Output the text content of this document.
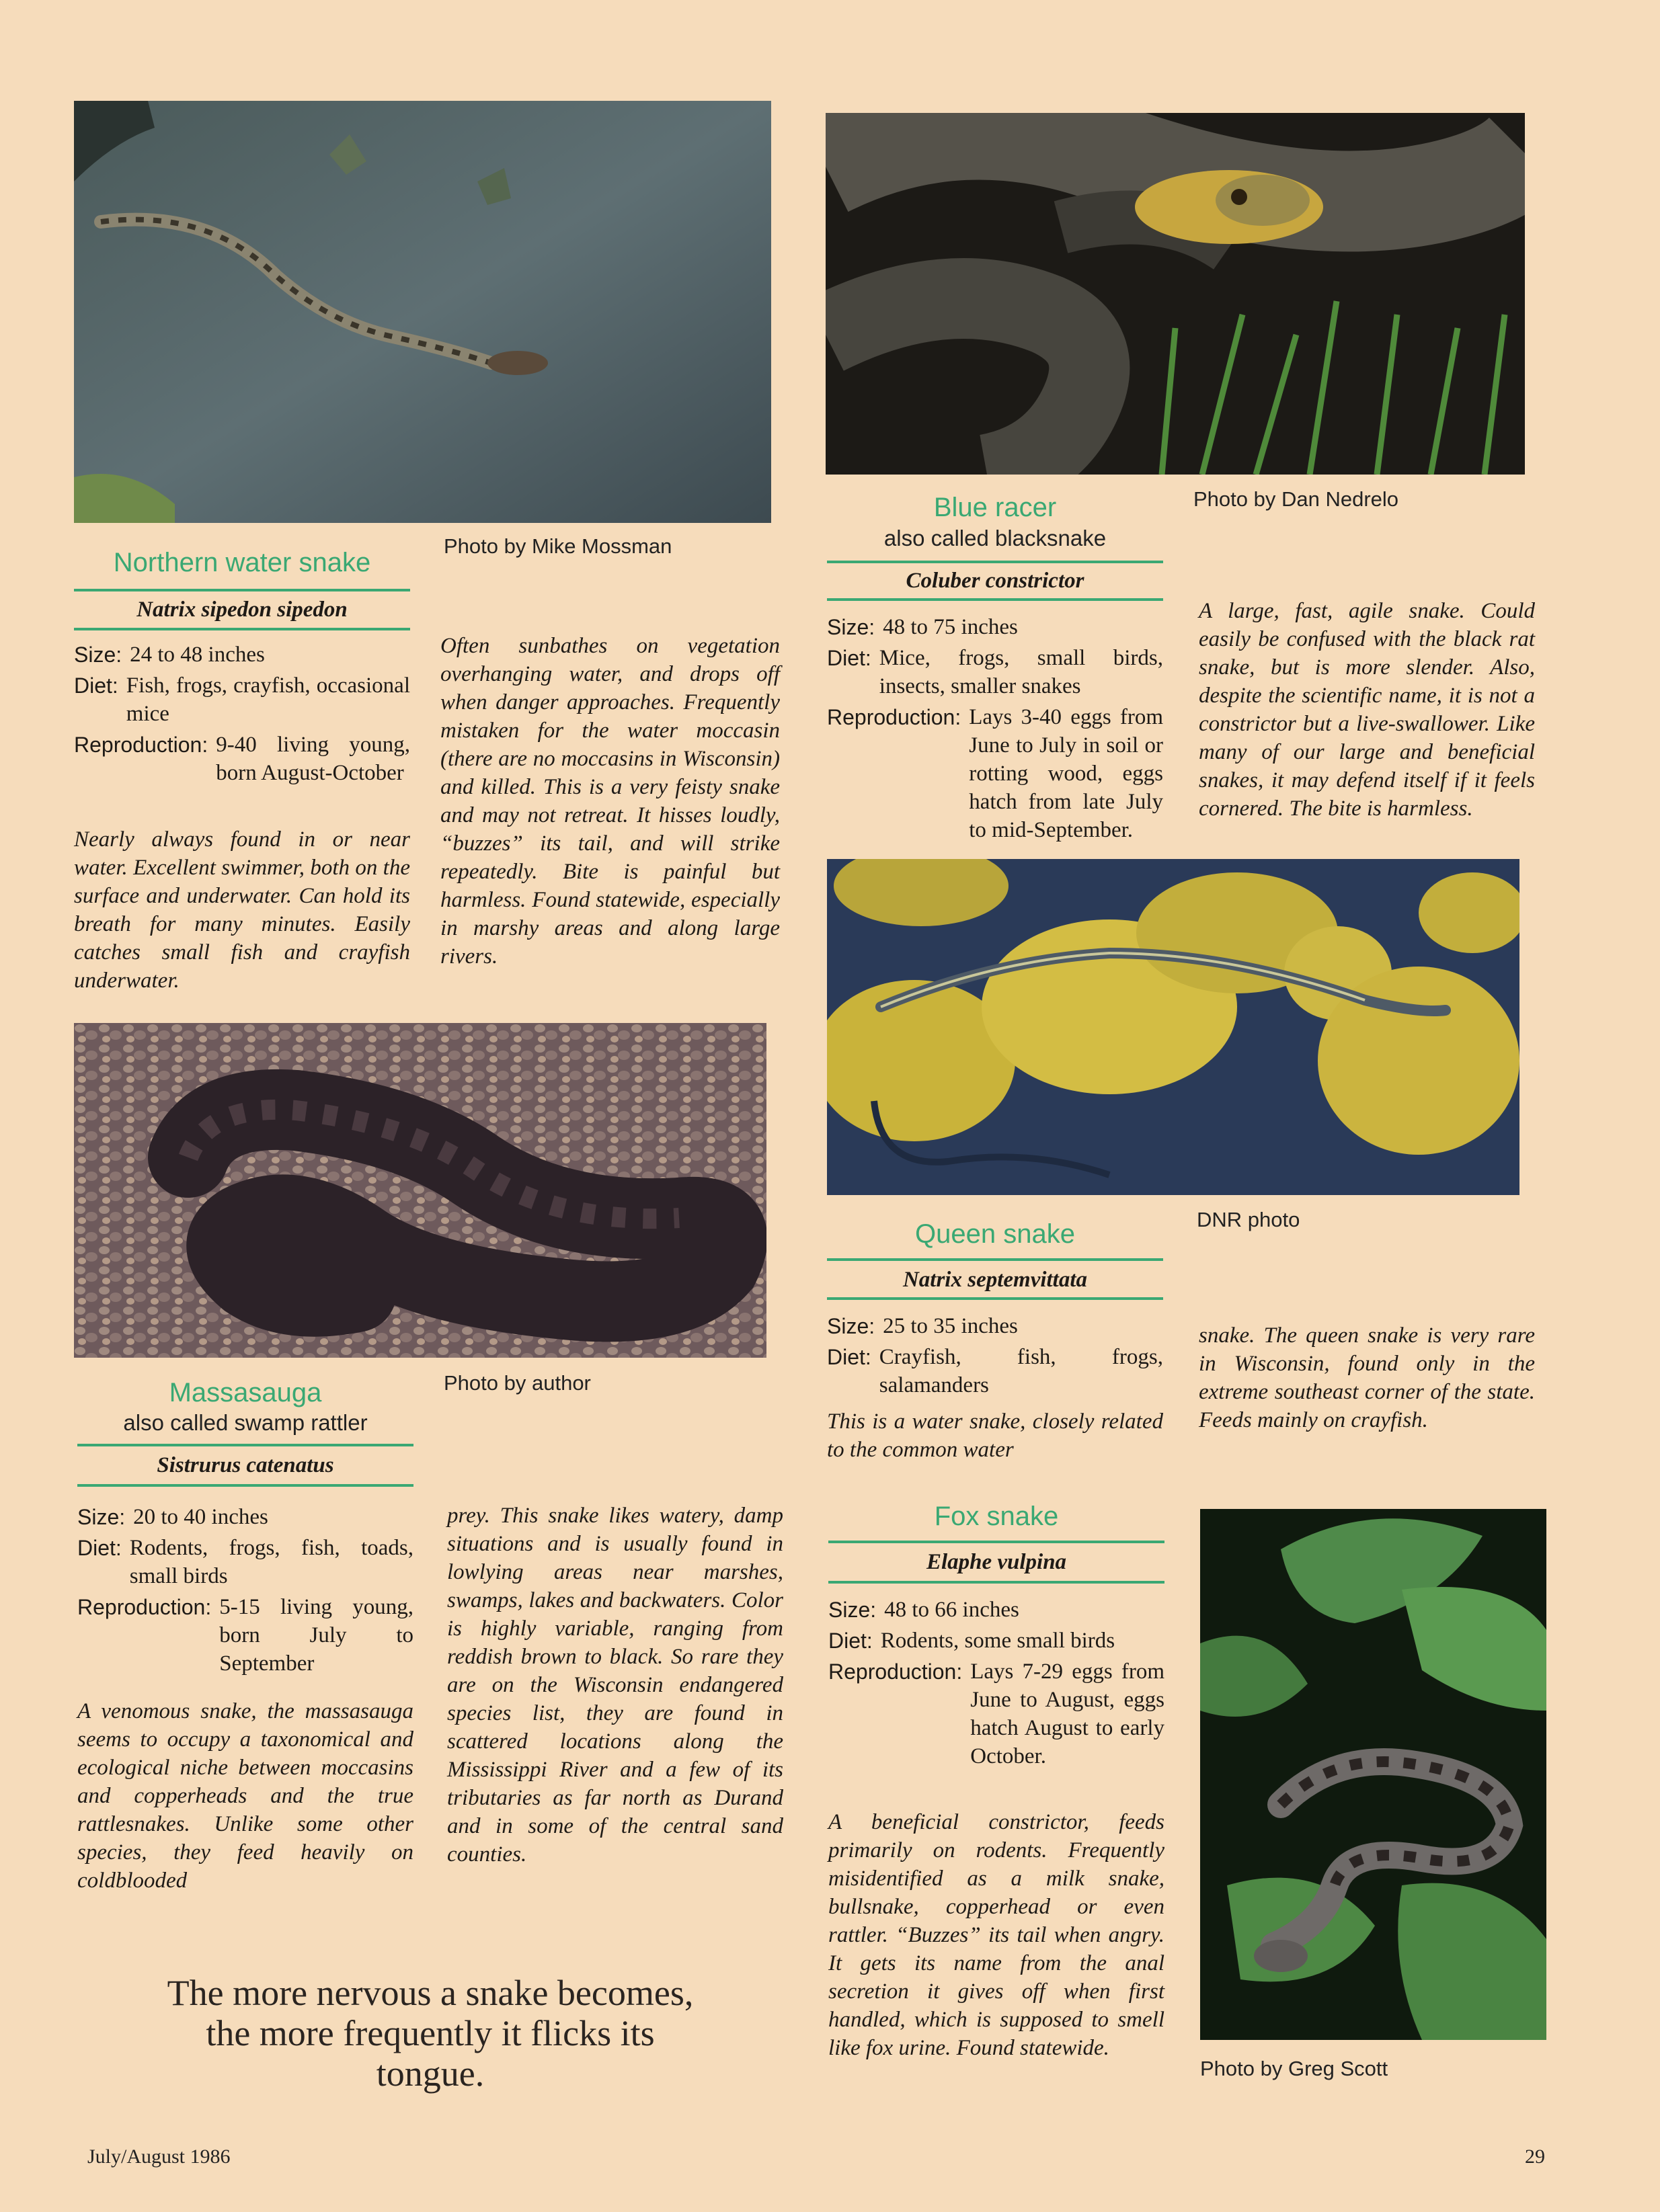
Photo by Mike Mossman
Northern water snake
Natrix sipedon sipedon
Size: 24 to 48 inches
Diet: Fish, frogs, crayfish, occasional mice
Reproduction: 9-40 living young, born August-October
Nearly always found in or near water. Excellent swimmer, both on the surface and underwater. Can hold its breath for many minutes. Easily catches small fish and crayfish underwater.
Often sunbathes on vegetation overhanging water, and drops off when danger approaches. Frequently mistaken for the water moccasin (there are no moccasins in Wisconsin) and killed. This is a very feisty snake and may not retreat. It hisses loudly, “buzzes” its tail, and will strike repeatedly. Bite is painful but harmless. Found statewide, especially in marshy areas and along large rivers.
Photo by Dan Nedrelo
Blue racer
also called blacksnake
Coluber constrictor
Size: 48 to 75 inches
Diet: Mice, frogs, small birds, insects, smaller snakes
Reproduction: Lays 3-40 eggs from June to July in soil or rotting wood, eggs hatch from late July to mid-September.
A large, fast, agile snake. Could easily be confused with the black rat snake, but is more slender. Also, despite the scientific name, it is not a constrictor but a live-swallower. Like many of our large and beneficial snakes, it may defend itself if it feels cornered. The bite is harmless.
Photo by author
Massasauga
also called swamp rattler
Sistrurus catenatus
Size: 20 to 40 inches
Diet: Rodents, frogs, fish, toads, small birds
Reproduction: 5-15 living young, born July to September
A venomous snake, the massasauga seems to occupy a taxonomical and ecological niche between moccasins and copperheads and the true rattlesnakes. Unlike some other species, they feed heavily on coldblooded
prey. This snake likes watery, damp situations and is usually found in lowlying areas near marshes, swamps, lakes and backwaters. Color is highly variable, ranging from reddish brown to black. So rare they are on the Wisconsin endangered species list, they are found in scattered locations along the Mississippi River and a few of its tributaries as far north as Durand and in some of the central sand counties.
The more nervous a snake becomes, the more frequently it flicks its tongue.
DNR photo
Queen snake
Natrix septemvittata
Size: 25 to 35 inches
Diet: Crayfish, fish, frogs, salamanders
This is a water snake, closely related to the common water
snake. The queen snake is very rare in Wisconsin, found only in the extreme southeast corner of the state. Feeds mainly on crayfish.
Fox snake
Elaphe vulpina
Size: 48 to 66 inches
Diet: Rodents, some small birds
Reproduction: Lays 7-29 eggs from June to August, eggs hatch August to early October.
A beneficial constrictor, feeds primarily on rodents. Frequently misidentified as a milk snake, bullsnake, copperhead or even rattler. “Buzzes” its tail when angry. It gets its name from the anal secretion it gives off when first handled, which is supposed to smell like fox urine. Found statewide.
Photo by Greg Scott
July/August 1986	29
